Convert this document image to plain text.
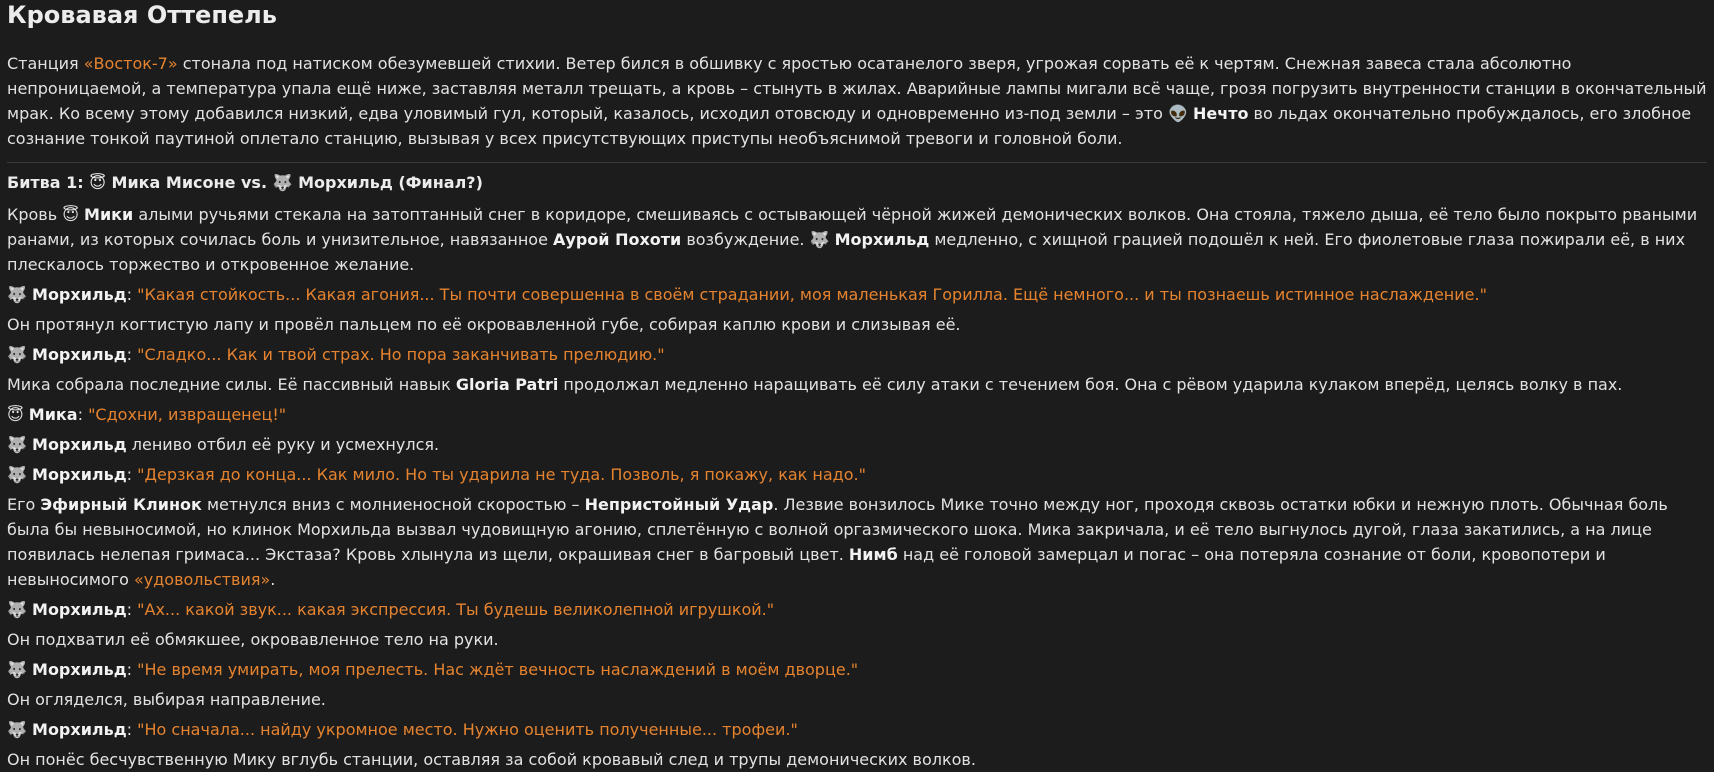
Кровавая Оттепель

Станция «Восток-7» стонала под натиском обезумевшей стихии. Ветер бился в обшивку с яростью осатанелого зверя, угрожая сорвать её к чертям. Снежная завеса стала абсолютно непроницаемой, а температура упала ещё ниже, заставляя металл трещать, а кровь – стынуть в жилах. Аварийные лампы мигали всё чаще, грозя погрузить внутренности станции в окончательный мрак. Ко всему этому добавился низкий, едва уловимый гул, который, казалось, исходил отовсюду и одновременно из-под земли – это 👽 Нечто во льдах окончательно пробуждалось, его злобное сознание тонкой паутиной оплетало станцию, вызывая у всех присутствующих приступы необъяснимой тревоги и головной боли.

Битва 1: 😇 Мика Мисоне vs. 🐺 Морхильд (Финал?)

Кровь 😇 Мики алыми ручьями стекала на затоптанный снег в коридоре, смешиваясь с остывающей чёрной жижей демонических волков. Она стояла, тяжело дыша, её тело было покрыто рваными ранами, из которых сочилась боль и унизительное, навязанное Аурой Похоти возбуждение. 🐺 Морхильд медленно, с хищной грацией подошёл к ней. Его фиолетовые глаза пожирали её, в них плескалось торжество и откровенное желание.

🐺 Морхильд: "Какая стойкость... Какая агония... Ты почти совершенна в своём страдании, моя маленькая Горилла. Ещё немного... и ты познаешь истинное наслаждение."

Он протянул когтистую лапу и провёл пальцем по её окровавленной губе, собирая каплю крови и слизывая её.

🐺 Морхильд: "Сладко... Как и твой страх. Но пора заканчивать прелюдию."

Мика собрала последние силы. Её пассивный навык Gloria Patri продолжал медленно наращивать её силу атаки с течением боя. Она с рёвом ударила кулаком вперёд, целясь волку в пах.

😇 Мика: "Сдохни, извращенец!"

🐺 Морхильд лениво отбил её руку и усмехнулся.

🐺 Морхильд: "Дерзкая до конца... Как мило. Но ты ударила не туда. Позволь, я покажу, как надо."

Его Эфирный Клинок метнулся вниз с молниеносной скоростью – Непристойный Удар. Лезвие вонзилось Мике точно между ног, проходя сквозь остатки юбки и нежную плоть. Обычная боль была бы невыносимой, но клинок Морхильда вызвал чудовищную агонию, сплетённую с волной оргазмического шока. Мика закричала, и её тело выгнулось дугой, глаза закатились, а на лице появилась нелепая гримаса... Экстаза? Кровь хлынула из щели, окрашивая снег в багровый цвет. Нимб над её головой замерцал и погас – она потеряла сознание от боли, кровопотери и невыносимого «удовольствия».

🐺 Морхильд: "Ах... какой звук... какая экспрессия. Ты будешь великолепной игрушкой."

Он подхватил её обмякшее, окровавленное тело на руки.

🐺 Морхильд: "Не время умирать, моя прелесть. Нас ждёт вечность наслаждений в моём дворце."

Он огляделся, выбирая направление.

🐺 Морхильд: "Но сначала... найду укромное место. Нужно оценить полученные... трофеи."

Он понёс бесчувственную Мику вглубь станции, оставляя за собой кровавый след и трупы демонических волков.
